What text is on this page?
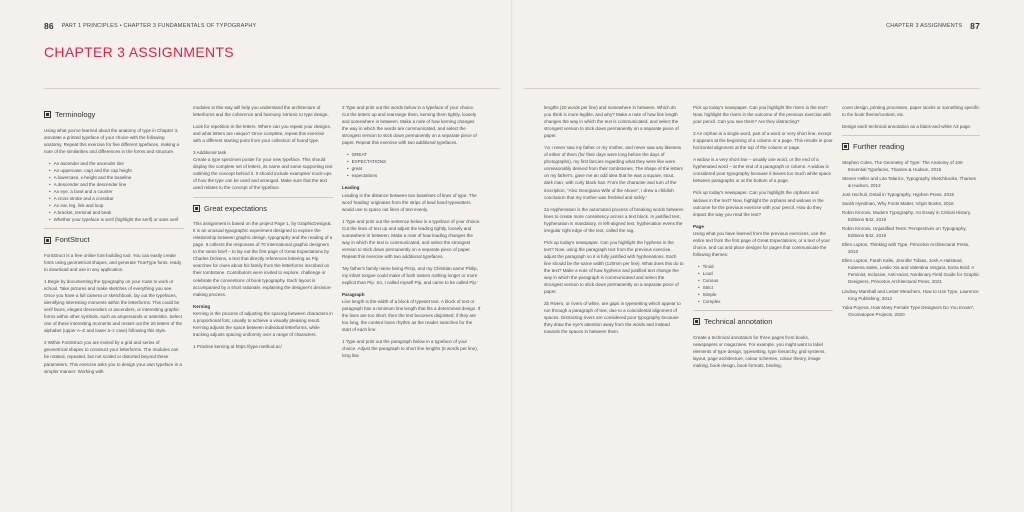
86 PART 1 PRINCIPLES • CHAPTER 3 FUNDAMENTALS OF TYPOGRAPHY	CHAPTER 3 ASSIGNMENTS 87
CHAPTER 3 ASSIGNMENTS
Terminology

Using what you've learned about the anatomy of type in Chapter 3, annotate a printed typeface of your choice with the following anatomy. Repeat this exercise for five different typefaces, making a note of the similarities and differences in the forms and structure.

• An ascender and the ascender line
• An uppercase, cap) and the cap height
• A lowercase, x-height and the baseline
• A descender and the descender line
• An eye, a bowl and a counter
• A cross stroke and a crossbar
• An ear, leg, link and loop
• A bracket, terminal and beak
• Whether your typeface is serif (highlight the serif) or sans serif
FontStruct

FontStruct is a free online font-building tool. You can easily create fonts using geometrical shapes, and generate TrueType fonts, ready to download and use in any application.

1 Begin by documenting the typography on your route to work or school. Take pictures and make sketches of everything you see. Once you have a full camera or sketchbook, lay out the typefaces, identifying interesting moments within the letterforms. This could be serif faces, elegant descenders or ascenders, or interesting graphic forms within other symbols, such as ampersands or asterisks. Select one of these interesting moments and restart out the 26 letters of the alphabet (upper A–Z and lower a–z case) following this style.

2 Within FontStruct you are invited by a grid and series of geometrical shapes to construct your letterforms. The modules can be rotated, repeated, but not scaled or distorted beyond these parameters. This exercise asks you to design your own typeface in a simpler manner. Working with

modules in this way will help you understand the architecture of letterforms and the coherence and harmony intrinsic to type design.

Look for repetition in the letters. Where can you repeat your designs, and what letters are unique? Once complete, repeat this exercise with a different starting point from your collection of found type.

3 Additional task

Create a type specimen poster for your new typeface. This should display the complete set of letters, its name and some supporting text outlining the concept behind it. It should include examples/ mock-ups of how the type can be used and arranged. Make sure that the text used relates to the concept of the typeface.

Great expectations

This assignment is based on the project Page 1, by GraphicDesign&. It is an unusual typographic experiment designed to explore the relationship between graphic design, typography and the reading of a page. It collects the responses of 70 international graphic designers to the same brief – to lay out the first page of Great Expectations by Charles Dickens, a text that directly references lettering as Pip searches for clues about his family from the letterforms inscribed on their tombstone. Contributors were invited to explore, challenge or celebrate the conventions of book typography. Each layout is accompanied by a short rationale, explaining the designer's decision-making process.

Kerning

Kerning is the process of adjusting the spacing between characters in a proportional font, usually to achieve a visually pleasing result. Kerning adjusts the space between individual letterforms, while tracking adjusts spacing uniformly over a range of characters.

1 Practise kerning at https://type.method.ac/

2 Type and print out the words below in a typeface of your choice. Cut the letters up and rearrange them, kerning them tightly, loosely and somewhere in between. Make a note of how kerning changes the way in which the words are communicated, and select the strongest version to stick down permanently on a separate piece of paper. Repeat this exercise with two additional typefaces.

• GREAT
• EXPECTATIONS
• great
• expectations
Leading

Leading is the distance between two baselines of lines of type. The word 'leading' originates from the strips of lead hand-typesetters would use to space out lines of text evenly.

1 Type and print out the sentence below in a typeface of your choice. Cut the lines of text up and adjust the leading tightly, loosely and somewhere in between. Make a note of how leading changes the way in which the text is communicated, and select the strongest version to stick down permanently on a separate piece of paper. Repeat this exercise with two additional typefaces.

'My father's family name being Pirrip, and my Christian name Philip, my infant tongue could make of both names nothing longer or more explicit than Pip. So, I called myself Pip, and came to be called Pip.'

Paragraph

Line length is the width of a block of typeset text. A block of text or paragraph has a minimum line length that fits a determined design. If the lines are too short, then the text becomes disjointed; if they are too long, the content loses rhythm as the reader searches for the start of each line.

1 Type and print out the paragraph below in a typeface of your choice. Adjust the paragraph to short line lengths (5 words per line), long line

lengths (20 words per line) and somewhere in between. Which do you think is more legible, and why? Make a note of how line length changes the way in which the text is communicated, and select the strongest version to stick down permanently on a separate piece of paper.

'As I never saw my father or my mother, and never saw any likeness of either of them (for their days were long before the days of photographs), my first fancies regarding what they were like were unreasonably derived from their tombstones. The shape of the letters on my father's, gave me an odd idea that he was a square, stout, dark man, with curly black hair. From the character and turn of the inscription, "Also Georgiana Wife of the Above", I drew a childish conclusion that my mother was freckled and sickly.'

2a Hyphenation is the automated process of breaking words between lines to create more consistency across a text block. In justified text, hyphenation is mandatory. In left-aligned text, hyphenation evens the irregular right edge of the text, called the rag.

Pick up today's newspaper. Can you highlight the hyphens in the text? Now, using the paragraph text from the previous exercise, adjust the paragraph so it is fully justified with hyphenations. Each line should be the same width (120mm per line). What does this do to the text? Make a note of how hyphens and justified text change the way in which the paragraph is communicated and select the strongest version to stick down permanently on a separate piece of paper.

2b Rivers, or rivers of white, are gaps in typesetting which appear to run through a paragraph of text, due to a coincidental alignment of spaces. Distracting rivers are considered poor typography because they draw the eye's attention away from the words and instead towards the spaces in between them.

Pick up today's newspaper. Can you highlight the rivers in the text? Now, highlight the rivers in the outcome of the previous exercise with your pencil. Can you see them? Are they distracting?

3 An orphan is a single word, part of a word or very short line, except it appears at the beginning of a column or a page. This results in poor horizontal alignment at the top of the column or page.

A widow is a very short line – usually one word, or the end of a hyphenated word – at the end of a paragraph or column. A widow is considered poor typography because it leaves too much white space between paragraphs or at the bottom of a page.

Pick up today's newspaper. Can you highlight the orphans and widows in the text? Now, highlight the orphans and widows in the outcome for the previous exercise with your pencil. How do they impact the way you read the text?

Page

Using what you have learned from the previous exercises, use the entire text from the first page of Great Expectations, or a text of your choice, and cut and place designs for pages that communicate the following themes:

• Timid
• Loud
• Curious
• Strict
• Simple
• Complex
Technical annotation

Create a technical annotation for three pages from books, newspapers or magazines. For example, you might want to label elements of type design, typesetting, type hierarchy, grid systems, layout, page architecture, colour schemes, colour theory, image making, book design, book formats, binding,

cover design, printing processes, paper stocks or something specific to the book theme/content, etc.

Design each technical annotation as a black-and-white A3 page.

Further reading

Stephen Coles, The Geometry of Type: The Anatomy of 100 Essential Typefaces, Thames & Hudson, 2016

Steven Heller and Lita Talarico, Typography Sketchbooks, Thames & Hudson, 2012

Jost Hochuli, Detail in Typography, Hyphen Press, 2015

Sarah Hyndman, Why Fonts Matter, Virgin Books, 2016

Robin Kinross, Modern Typography: An Essay in Critical History, Editions B42, 2019

Robin Kinross, Unjustified Texts: Perspectives on Typography, Editions B42, 2019

Ellen Lupton, Thinking with Type, Princeton Architectural Press, 2010

Ellen Lupton, Farah Kafei, Jennifer Tobias, Josh A Halstead, Kaleena Sales, Leslie Xia and Valentina Vergara, Extra Bold: A Feminist, Inclusive, Anti-racist, Nonbinary Field Guide for Graphic Designers, Princeton Architectural Press, 2021

Lindsay Marshall and Lester Meachem, How to Use Type, Laurence King Publishing, 2012

Yuka Poyeva, How Many Female Type Designers Do You Know?, Onomatopee Projects, 2020
